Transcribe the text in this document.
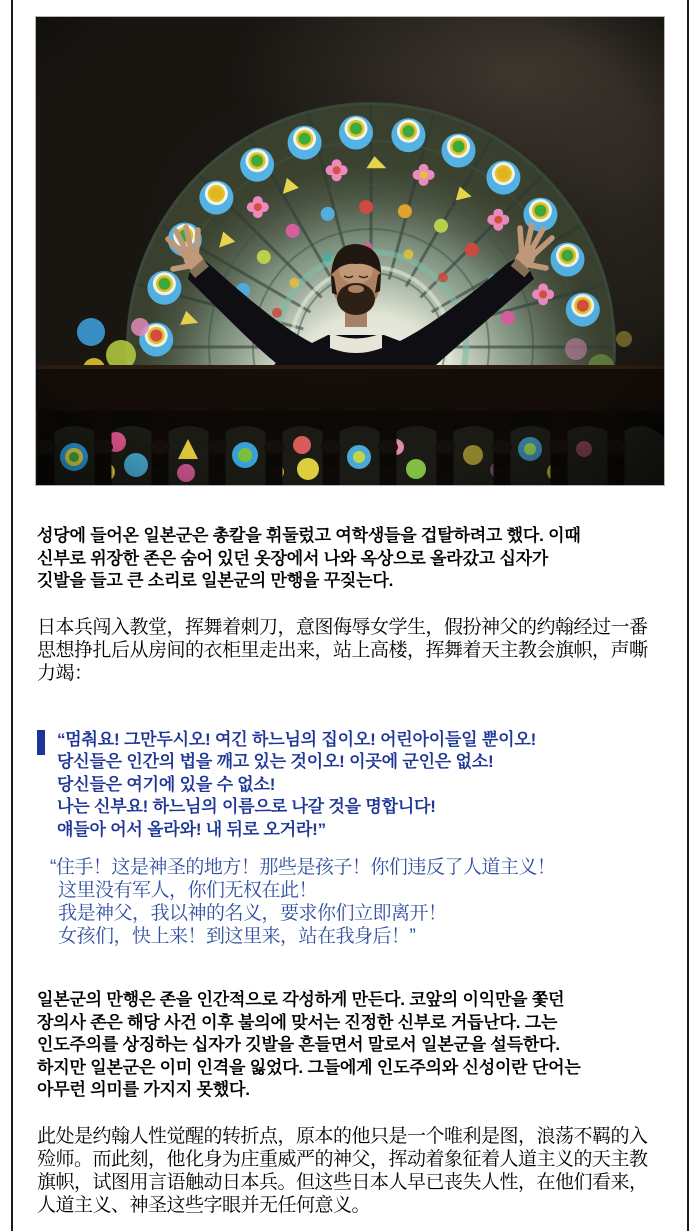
성당에 들어온 일본군은 총칼을 휘둘렀고 여학생들을 겁탈하려고 했다. 이때
신부로 위장한 존은 숨어 있던 옷장에서 나와 옥상으로 올라갔고 십자가
깃발을 들고 큰 소리로 일본군의 만행을 꾸짖는다.
日本兵闯入教堂，挥舞着刺刀，意图侮辱女学生，假扮神父的约翰经过一番
思想挣扎后从房间的衣柜里走出来，站上高楼，挥舞着天主教会旗帜，声嘶
力竭：
“멈춰요! 그만두시오! 여긴 하느님의 집이오! 어린아이들일 뿐이오!
당신들은 인간의 법을 깨고 있는 것이오! 이곳에 군인은 없소!
당신들은 여기에 있을 수 없소!
나는 신부요! 하느님의 이름으로 나갈 것을 명합니다!
얘들아 어서 올라와! 내 뒤로 오거라!”
“住手！这是神圣的地方！那些是孩子！你们违反了人道主义！
这里没有军人，你们无权在此！
我是神父，我以神的名义，要求你们立即离开！
女孩们，快上来！到这里来，站在我身后！”
일본군의 만행은 존을 인간적으로 각성하게 만든다. 코앞의 이익만을 쫓던
장의사 존은 해당 사건 이후 불의에 맞서는 진정한 신부로 거듭난다. 그는
인도주의를 상징하는 십자가 깃발을 흔들면서 말로서 일본군을 설득한다.
하지만 일본군은 이미 인격을 잃었다. 그들에게 인도주의와 신성이란 단어는
아무런 의미를 가지지 못했다.
此处是约翰人性觉醒的转折点，原本的他只是一个唯利是图，浪荡不羁的入
殓师。而此刻，他化身为庄重威严的神父，挥动着象征着人道主义的天主教
旗帜，试图用言语触动日本兵。但这些日本人早已丧失人性，在他们看来，
人道主义、神圣这些字眼并无任何意义。
